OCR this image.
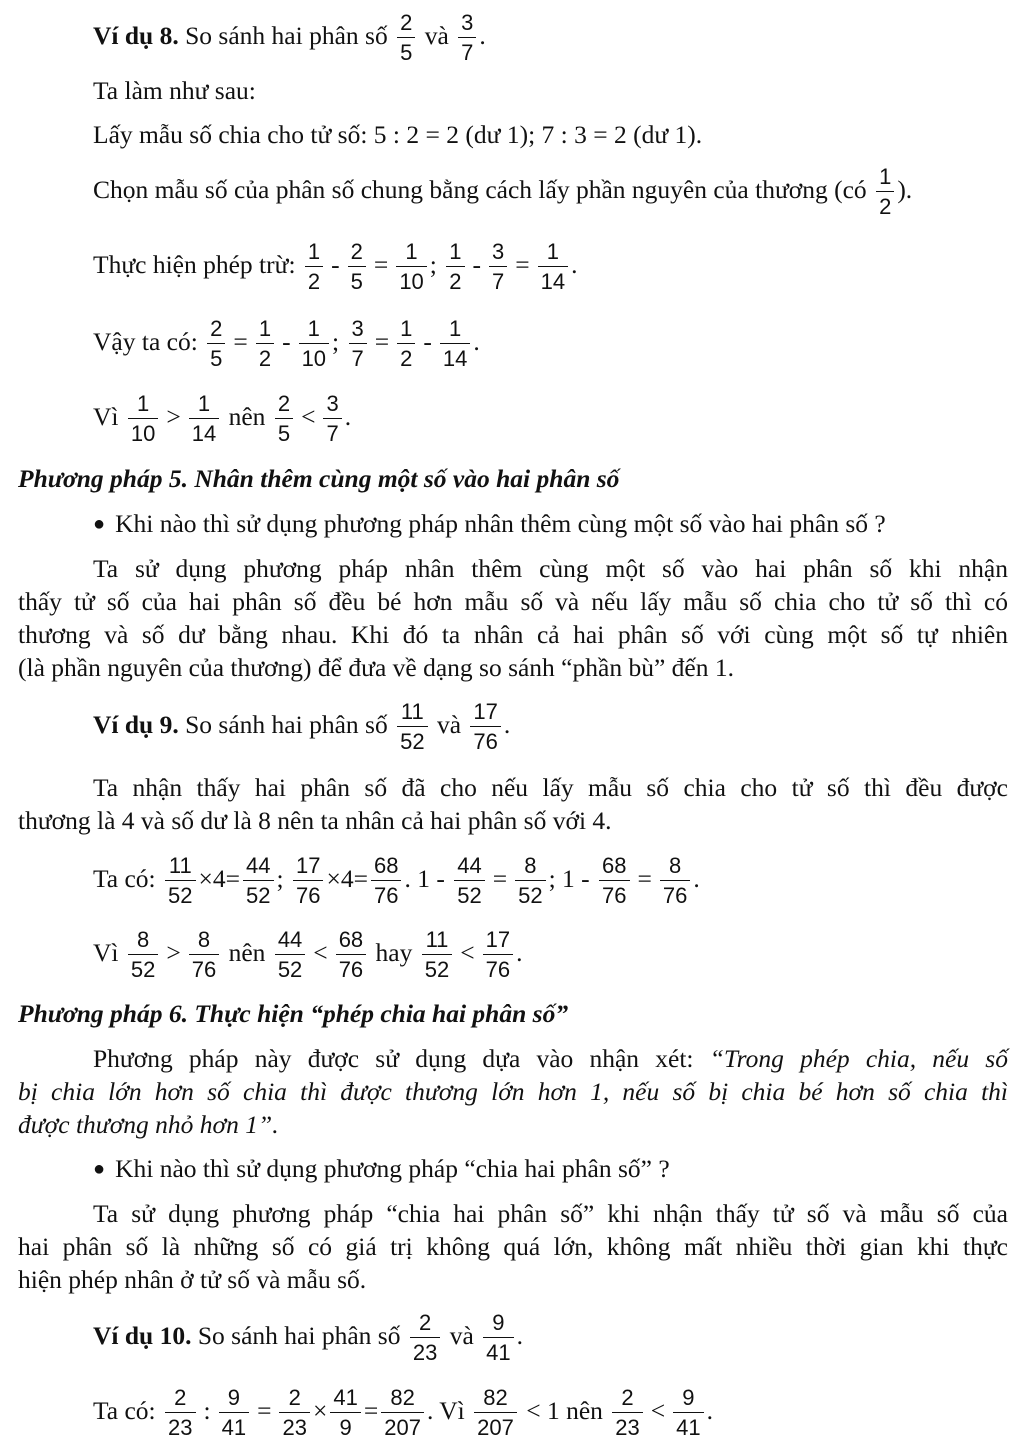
Ví dụ 8. So sánh hai phân số $\frac{2}{5}$ và $\frac{3}{7}$ .
Ta làm như sau:
Lấy mẫu số chia cho tử số: 5 : 2 = 2 (dư 1); 7 : 3 = 2 (dư 1).
Chọn mẫu số của phân số chung bằng cách lấy phần nguyên của thương (có $\frac{1}{2}$ ).
Thực hiện phép trừ: $\frac{1}{2} - \frac{2}{5} = \frac{1}{10}$ ; $\frac{1}{2} - \frac{3}{7} = \frac{1}{14}$ .
Vậy ta có: $\frac{2}{5} = \frac{1}{2} - \frac{1}{10}$ ; $\frac{3}{7} = \frac{1}{2} - \frac{1}{14}$ .
Vì $\frac{1}{10} > \frac{1}{14}$ nên $\frac{2}{5} < \frac{3}{7}$ .
Phương pháp 5. Nhân thêm cùng một số vào hai phân số
● Khi nào thì sử dụng phương pháp nhân thêm cùng một số vào hai phân số ?
Ta sử dụng phương pháp nhân thêm cùng một số vào hai phân số khi nhận
thấy tử số của hai phân số đều bé hơn mẫu số và nếu lấy mẫu số chia cho tử số thì có
thương và số dư bằng nhau. Khi đó ta nhân cả hai phân số với cùng một số tự nhiên
(là phần nguyên của thương) để đưa về dạng so sánh “phần bù” đến 1.
Ví dụ 9. So sánh hai phân số $\frac{11}{52}$ và $\frac{17}{76}$ .
Ta nhận thấy hai phân số đã cho nếu lấy mẫu số chia cho tử số thì đều được
thương là 4 và số dư là 8 nên ta nhân cả hai phân số với 4.
Ta có: $\frac{11}{52} \times 4= \frac{44}{52}$ ; $\frac{17}{76} \times 4= \frac{68}{76}$ . $1 - \frac{44}{52} = \frac{8}{52}$ ; $1 - \frac{68}{76} = \frac{8}{76}$ .
Vì $\frac{8}{52} > \frac{8}{76}$ nên $\frac{44}{52} < \frac{68}{76}$ hay $\frac{11}{52} < \frac{17}{76}$ .
Phương pháp 6. Thực hiện “phép chia hai phân số”
Phương pháp này được sử dụng dựa vào nhận xét: “Trong phép chia, nếu số
bị chia lớn hơn số chia thì được thương lớn hơn 1, nếu số bị chia bé hơn số chia thì
được thương nhỏ hơn 1”.
● Khi nào thì sử dụng phương pháp “chia hai phân số” ?
Ta sử dụng phương pháp “chia hai phân số” khi nhận thấy tử số và mẫu số của
hai phân số là những số có giá trị không quá lớn, không mất nhiều thời gian khi thực
hiện phép nhân ở tử số và mẫu số.
Ví dụ 10. So sánh hai phân số $\frac{2}{23}$ và $\frac{9}{41}$ .
Ta có: $\frac{2}{23}$ : $\frac{9}{41} = \frac{2}{23} \times \frac{41}{9} = \frac{82}{207}$ . Vì $\frac{82}{207} < 1$ nên $\frac{2}{23} < \frac{9}{41}$ .
